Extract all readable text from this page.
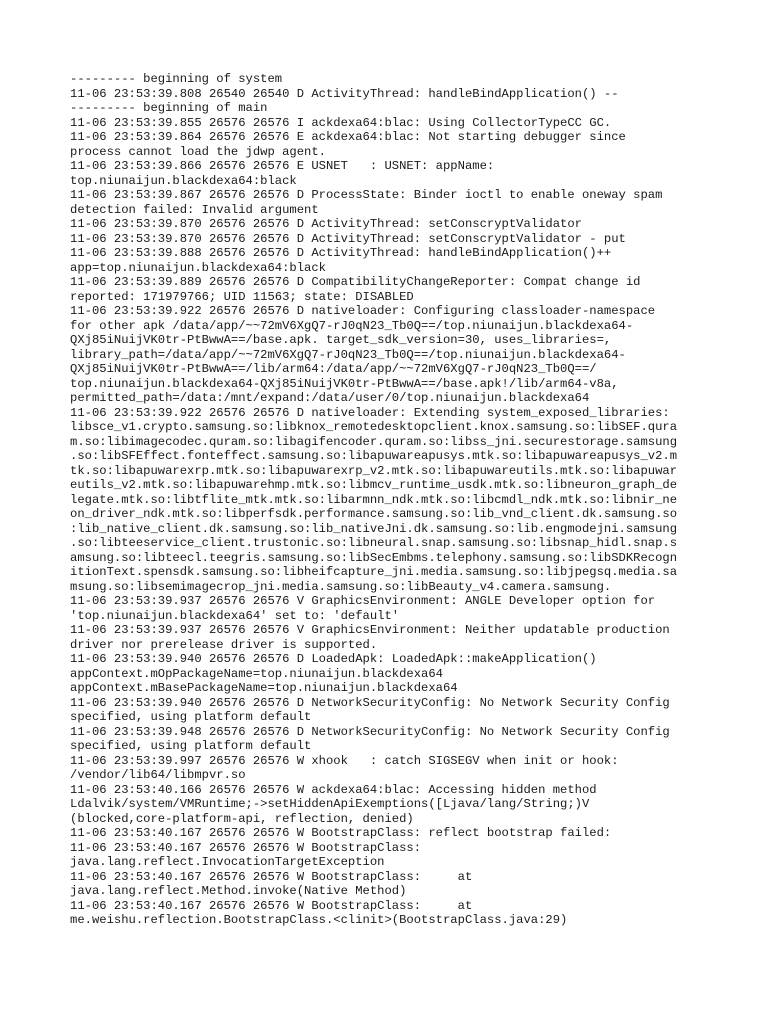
--------- beginning of system

11-06 23:53:39.808 26540 26540 D ActivityThread: handleBindApplication() --

--------- beginning of main

11-06 23:53:39.855 26576 26576 I ackdexa64:blac: Using CollectorTypeCC GC.

11-06 23:53:39.864 26576 26576 E ackdexa64:blac: Not starting debugger since

process cannot load the jdwp agent.

11-06 23:53:39.866 26576 26576 E USNET   : USNET: appName:

top.niunaijun.blackdexa64:black

11-06 23:53:39.867 26576 26576 D ProcessState: Binder ioctl to enable oneway spam

detection failed: Invalid argument

11-06 23:53:39.870 26576 26576 D ActivityThread: setConscryptValidator

11-06 23:53:39.870 26576 26576 D ActivityThread: setConscryptValidator - put

11-06 23:53:39.888 26576 26576 D ActivityThread: handleBindApplication()++

app=top.niunaijun.blackdexa64:black

11-06 23:53:39.889 26576 26576 D CompatibilityChangeReporter: Compat change id

reported: 171979766; UID 11563; state: DISABLED

11-06 23:53:39.922 26576 26576 D nativeloader: Configuring classloader-namespace

for other apk /data/app/~~72mV6XgQ7-rJ0qN23_Tb0Q==/top.niunaijun.blackdexa64-

QXj85iNuijVK0tr-PtBwwA==/base.apk. target_sdk_version=30, uses_libraries=,

library_path=/data/app/~~72mV6XgQ7-rJ0qN23_Tb0Q==/top.niunaijun.blackdexa64-

QXj85iNuijVK0tr-PtBwwA==/lib/arm64:/data/app/~~72mV6XgQ7-rJ0qN23_Tb0Q==/

top.niunaijun.blackdexa64-QXj85iNuijVK0tr-PtBwwA==/base.apk!/lib/arm64-v8a,

permitted_path=/data:/mnt/expand:/data/user/0/top.niunaijun.blackdexa64

11-06 23:53:39.922 26576 26576 D nativeloader: Extending system_exposed_libraries:

libsce_v1.crypto.samsung.so:libknox_remotedesktopclient.knox.samsung.so:libSEF.qura

m.so:libimagecodec.quram.so:libagifencoder.quram.so:libss_jni.securestorage.samsung

.so:libSFEffect.fonteffect.samsung.so:libapuwareapusys.mtk.so:libapuwareapusys_v2.m

tk.so:libapuwarexrp.mtk.so:libapuwarexrp_v2.mtk.so:libapuwareutils.mtk.so:libapuwar

eutils_v2.mtk.so:libapuwarehmp.mtk.so:libmcv_runtime_usdk.mtk.so:libneuron_graph_de

legate.mtk.so:libtflite_mtk.mtk.so:libarmnn_ndk.mtk.so:libcmdl_ndk.mtk.so:libnir_ne

on_driver_ndk.mtk.so:libperfsdk.performance.samsung.so:lib_vnd_client.dk.samsung.so

:lib_native_client.dk.samsung.so:lib_nativeJni.dk.samsung.so:lib.engmodejni.samsung

.so:libteeservice_client.trustonic.so:libneural.snap.samsung.so:libsnap_hidl.snap.s

amsung.so:libteecl.teegris.samsung.so:libSecEmbms.telephony.samsung.so:libSDKRecogn

itionText.spensdk.samsung.so:libheifcapture_jni.media.samsung.so:libjpegsq.media.sa

msung.so:libsemimagecrop_jni.media.samsung.so:libBeauty_v4.camera.samsung.

11-06 23:53:39.937 26576 26576 V GraphicsEnvironment: ANGLE Developer option for

'top.niunaijun.blackdexa64' set to: 'default'

11-06 23:53:39.937 26576 26576 V GraphicsEnvironment: Neither updatable production

driver nor prerelease driver is supported.

11-06 23:53:39.940 26576 26576 D LoadedApk: LoadedApk::makeApplication()

appContext.mOpPackageName=top.niunaijun.blackdexa64

appContext.mBasePackageName=top.niunaijun.blackdexa64

11-06 23:53:39.940 26576 26576 D NetworkSecurityConfig: No Network Security Config

specified, using platform default

11-06 23:53:39.948 26576 26576 D NetworkSecurityConfig: No Network Security Config

specified, using platform default

11-06 23:53:39.997 26576 26576 W xhook   : catch SIGSEGV when init or hook:

/vendor/lib64/libmpvr.so

11-06 23:53:40.166 26576 26576 W ackdexa64:blac: Accessing hidden method

Ldalvik/system/VMRuntime;->setHiddenApiExemptions([Ljava/lang/String;)V

(blocked,core-platform-api, reflection, denied)

11-06 23:53:40.167 26576 26576 W BootstrapClass: reflect bootstrap failed:

11-06 23:53:40.167 26576 26576 W BootstrapClass:

java.lang.reflect.InvocationTargetException

11-06 23:53:40.167 26576 26576 W BootstrapClass:     at

java.lang.reflect.Method.invoke(Native Method)

11-06 23:53:40.167 26576 26576 W BootstrapClass:     at

me.weishu.reflection.BootstrapClass.<clinit>(BootstrapClass.java:29)
